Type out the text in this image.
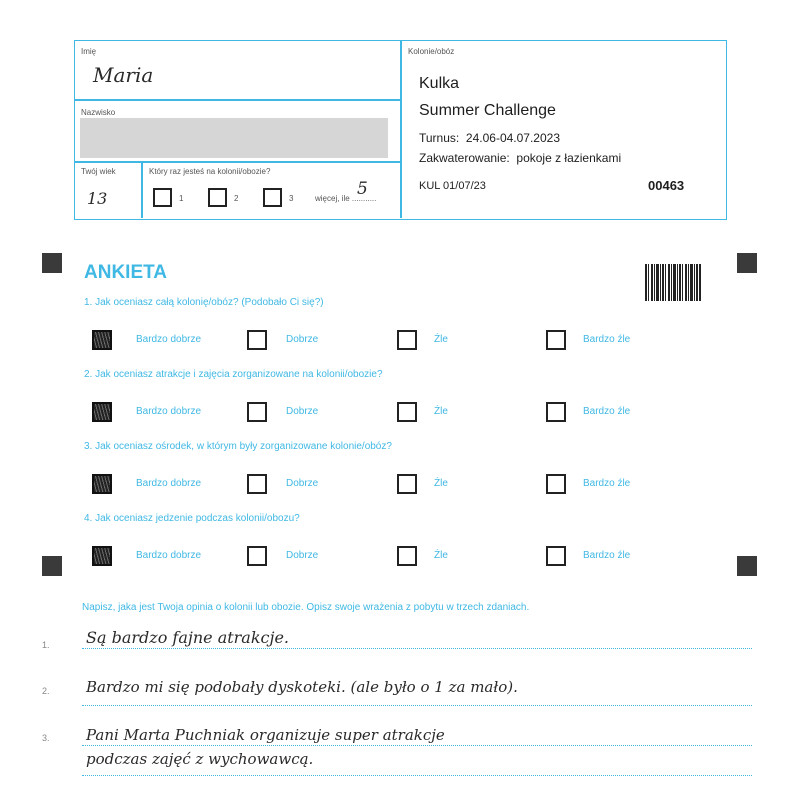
Imię
Maria
Nazwisko
Twój wiek
13
Który raz jesteś na kolonii/obozie?
1	2	3	więcej, ile ...........
5
Kolonie/obóz
Kulka
Summer Challenge
Turnus: 24.06-04.07.2023
Zakwaterowanie: pokoje z łazienkami
KUL 01/07/23	00463
ANKIETA
1. Jak oceniasz całą kolonię/obóz? (Podobało Ci się?)
Bardzo dobrze	Dobrze	Źle	Bardzo źle
2. Jak oceniasz atrakcje i zajęcia zorganizowane na kolonii/obozie?
Bardzo dobrze	Dobrze	Źle	Bardzo źle
3. Jak oceniasz ośrodek, w którym były zorganizowane kolonie/obóz?
Bardzo dobrze	Dobrze	Źle	Bardzo źle
4. Jak oceniasz jedzenie podczas kolonii/obozu?
Bardzo dobrze	Dobrze	Źle	Bardzo źle
Napisz, jaka jest Twoja opinia o kolonii lub obozie. Opisz swoje wrażenia z pobytu w trzech zdaniach.
1.
2.
3.
Są bardzo fajne atrakcje.
Bardzo mi się podobały dyskoteki. (ale było o 1 za mało).
Pani Marta Puchniak organizuje super atrakcje
podczas zajęć z wychowawcą.
